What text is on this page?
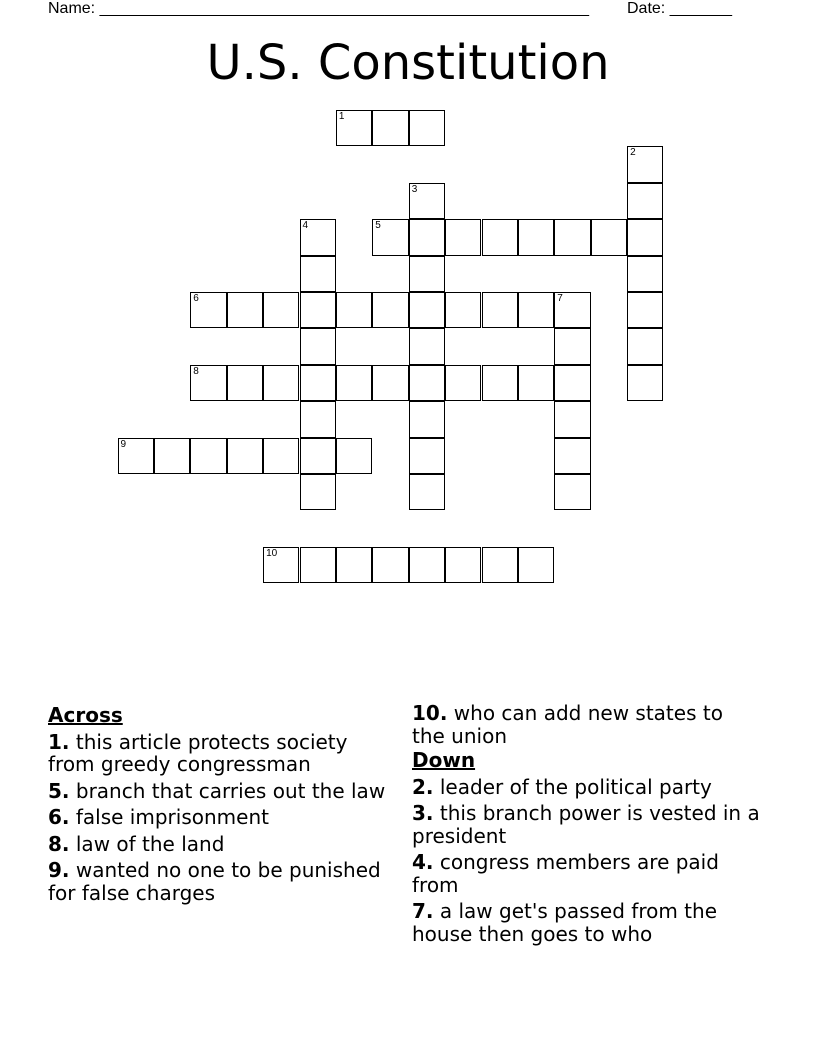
Name: _______________________________________________________ Date: _______
U.S. Constitution
1
2
3
4	5
6	7
8
9
10
Across
1. this article protects society from greedy congressman
5. branch that carries out the law
6. false imprisonment
8. law of the land
9. wanted no one to be punished for false charges
10. who can add new states to the union
Down
2. leader of the political party
3. this branch power is vested in a president
4. congress members are paid from
7. a law get's passed from the house then goes to who
